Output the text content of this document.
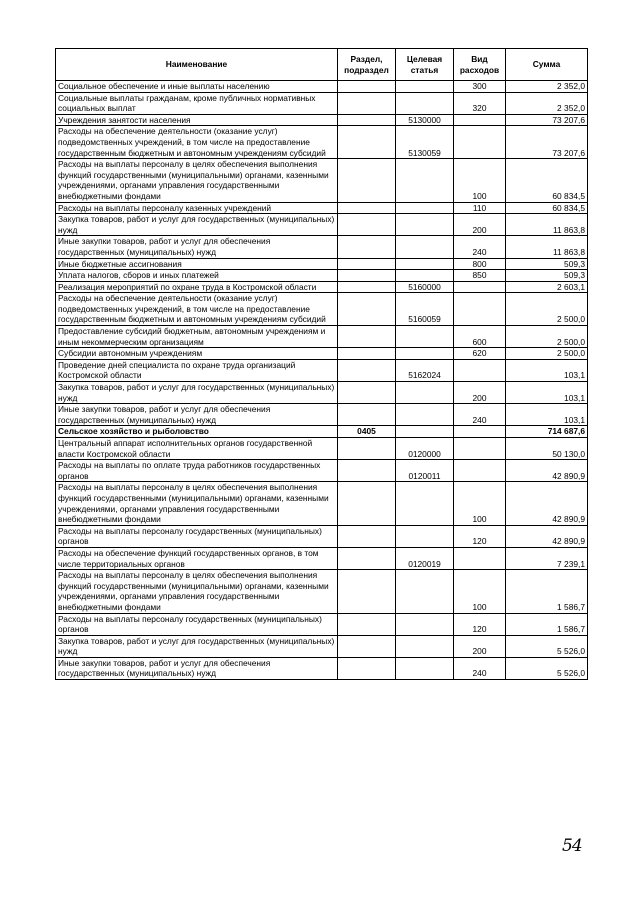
Наименование	Раздел, подраздел	Целевая статья	Вид расходов	Сумма
Социальное обеспечение и иные выплаты населению			300	2 352,0
Социальные выплаты гражданам, кроме публичных нормативных социальных выплат			320	2 352,0
Учреждения занятости населения		5130000		73 207,6
Расходы на обеспечение деятельности (оказание услуг) подведомственных учреждений, в том числе на предоставление государственным бюджетным и автономным учреждениям субсидий		5130059		73 207,6
Расходы на выплаты персоналу в целях обеспечения выполнения функций государственными (муниципальными) органами, казенными учреждениями, органами управления государственными внебюджетными фондами			100	60 834,5
Расходы на выплаты персоналу казенных учреждений			110	60 834,5
Закупка товаров, работ и услуг для государственных (муниципальных) нужд			200	11 863,8
Иные закупки товаров, работ и услуг для обеспечения государственных (муниципальных) нужд			240	11 863,8
Иные бюджетные ассигнования			800	509,3
Уплата налогов, сборов и иных платежей			850	509,3
Реализация мероприятий по охране труда в Костромской области		5160000		2 603,1
Расходы на обеспечение деятельности (оказание услуг) подведомственных учреждений, в том числе на предоставление государственным бюджетным и автономным учреждениям субсидий		5160059		2 500,0
Предоставление субсидий бюджетным, автономным учреждениям и иным некоммерческим организациям			600	2 500,0
Субсидии автономным учреждениям			620	2 500,0
Проведение дней специалиста по охране труда организаций Костромской области		5162024		103,1
Закупка товаров, работ и услуг для государственных (муниципальных) нужд			200	103,1
Иные закупки товаров, работ и услуг для обеспечения государственных (муниципальных) нужд			240	103,1
Сельское хозяйство и рыболовство	0405			714 687,6
Центральный аппарат исполнительных органов государственной власти Костромской области		0120000		50 130,0
Расходы на выплаты по оплате труда работников государственных органов		0120011		42 890,9
Расходы на выплаты персоналу в целях обеспечения выполнения функций государственными (муниципальными) органами, казенными учреждениями, органами управления государственными внебюджетными фондами			100	42 890,9
Расходы на выплаты персоналу государственных (муниципальных) органов			120	42 890,9
Расходы на обеспечение функций государственных органов, в том числе территориальных органов		0120019		7 239,1
Расходы на выплаты персоналу в целях обеспечения выполнения функций государственными (муниципальными) органами, казенными учреждениями, органами управления государственными внебюджетными фондами			100	1 586,7
Расходы на выплаты персоналу государственных (муниципальных) органов			120	1 586,7
Закупка товаров, работ и услуг для государственных (муниципальных) нужд			200	5 526,0
Иные закупки товаров, работ и услуг для обеспечения государственных (муниципальных) нужд			240	5 526,0
54
